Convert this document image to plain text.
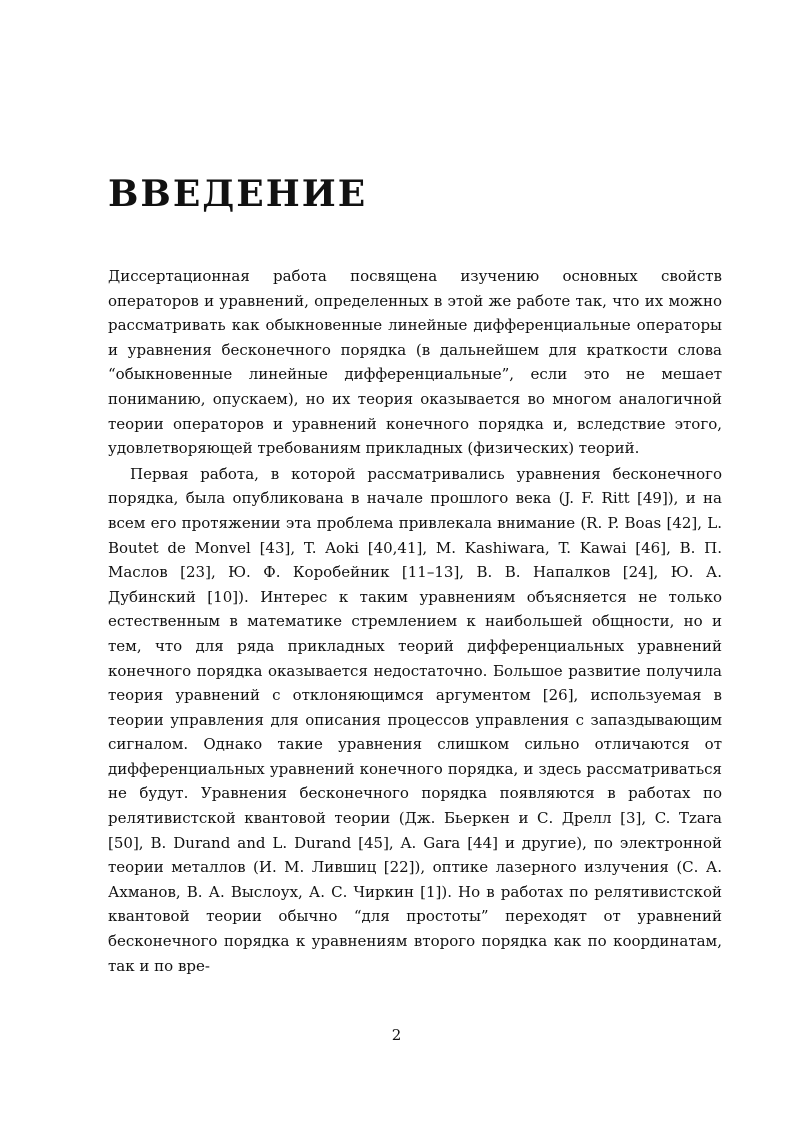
ВВЕДЕНИЕ

Диссертационная работа посвящена изучению основных свойств операторов и уравнений, определенных в этой же работе так, что их можно рассматривать как обыкновенные линейные дифференциальные операторы и уравнения бесконечного порядка (в дальнейшем для краткости слова “обыкновенные линейные дифференциальные”, если это не мешает пониманию, опускаем), но их теория оказывается во многом аналогичной теории операторов и уравнений конечного порядка и, вследствие этого, удовлетворяющей требованиям прикладных (физических) теорий.

Первая работа, в которой рассматривались уравнения бесконечного порядка, была опубликована в начале прошлого века (J. F. Ritt [49]), и на всем его протяжении эта проблема привлекала внимание (R. P. Boas [42], L. Boutet de Monvel [43], T. Aoki [40,41], M. Kashiwara, T. Kawai [46], В. П. Маслов [23], Ю. Ф. Коробейник [11–13], В. В. Напалков [24], Ю. А. Дубинский [10]). Интерес к таким уравнениям объясняется не только естественным в математике стремлением к наибольшей общности, но и тем, что для ряда прикладных теорий дифференциальных уравнений конечного порядка оказывается недостаточно. Большое развитие получила теория уравнений с отклоняющимся аргументом [26], используемая в теории управления для описания процессов управления с запаздывающим сигналом. Однако такие уравнения слишком сильно отличаются от дифференциальных уравнений конечного порядка, и здесь рассматриваться не будут. Уравнения бесконечного порядка появляются в работах по релятивистской квантовой теории (Дж. Бьеркен и С. Дрелл [3], C. Tzara [50], B. Durand and L. Durand [45], A. Gara [44] и другие), по электронной теории металлов (И. М. Лившиц [22]), оптике лазерного излучения (С. А. Ахманов, В. А. Выслоух, А. С. Чиркин [1]). Но в работах по релятивистской квантовой теории обычно “для простоты” переходят от уравнений бесконечного порядка к уравнениям второго порядка как по координатам, так и по вре-

2
